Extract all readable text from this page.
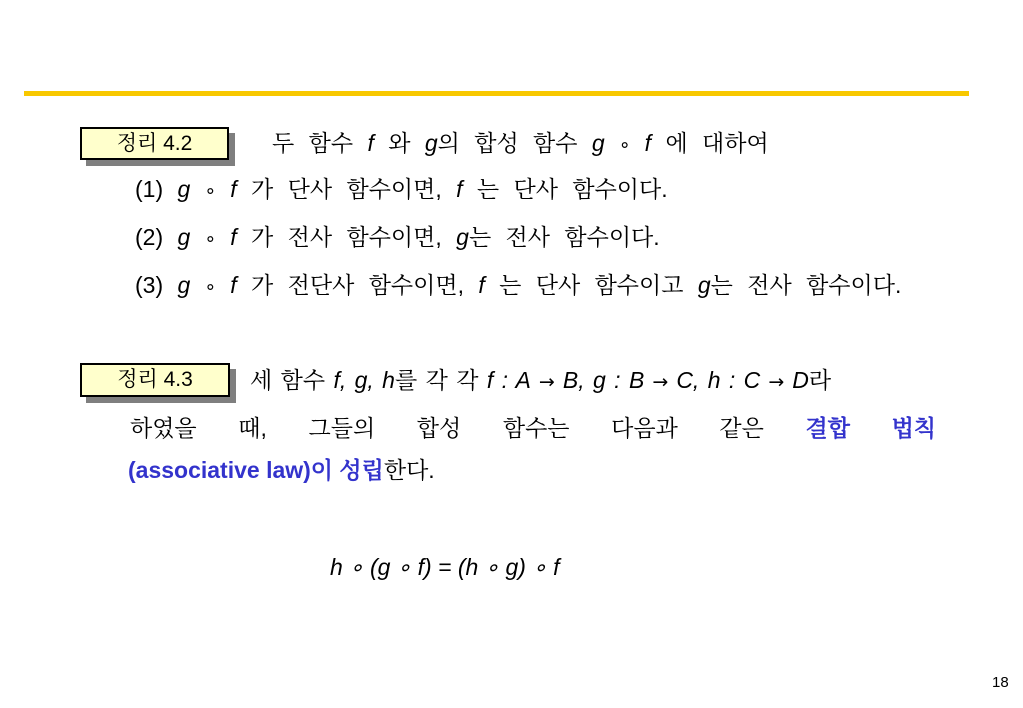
정리 4.2	두 함수 f 와 g의 합성 함수 g ∘ f 에 대하여
(1) g ∘ f 가 단사 함수이면, f 는 단사 함수이다.
(2) g ∘ f 가 전사 함수이면, g는 전사 함수이다.
(3) g ∘ f 가 전단사 함수이면, f 는 단사 함수이고 g는 전사 함수이다.
정리 4.3	세 함수 f, g, h를 각 각 f : A → B, g : B → C, h : C → D라
하였을 때, 그들의 합성 함수는 다음과 같은 결합 법칙
(associative law)이 성립한다.
h ∘ (g ∘ f) = (h ∘ g) ∘ f
18
